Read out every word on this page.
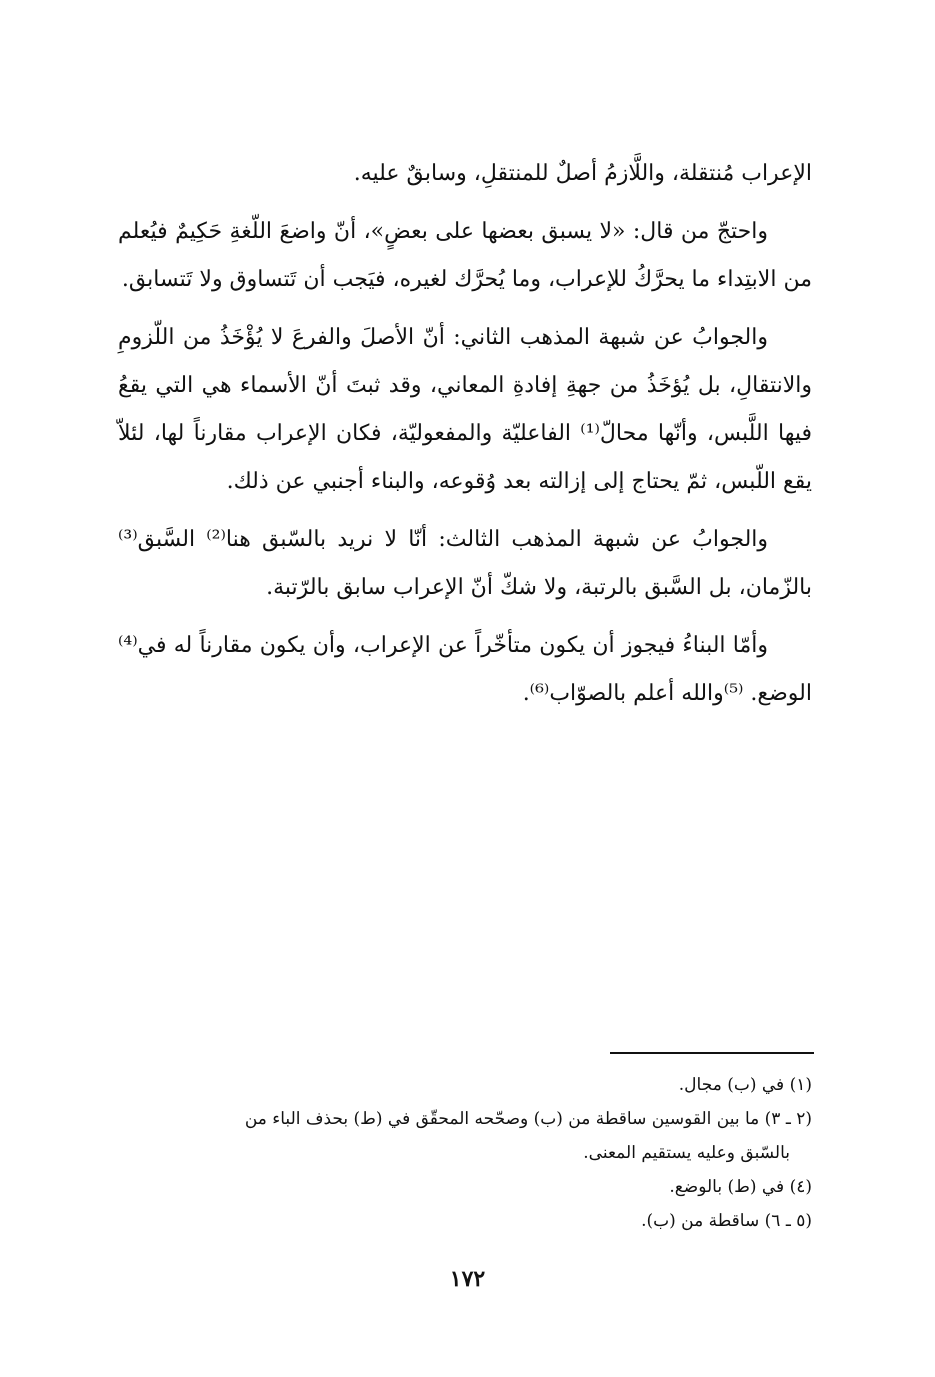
الإعراب مُنتقلة، واللَّازمُ أصلٌ للمنتقلِ، وسابقٌ عليه.

واحتجّ من قال: «لا يسبق بعضها على بعضٍ»، أنّ واضعَ اللّغةِ حَكِيمٌ فيُعلم من الابتِداء ما يحرَّكُ للإعراب، وما يُحرَّك لغيره، فيَجب أن تَتساوق ولا تَتسابق.

والجوابُ عن شبهة المذهب الثاني: أنّ الأصلَ والفرعَ لا يُؤْخَذُ من اللّزومِ والانتقالِ، بل يُؤخَذُ من جهةِ إفادةِ المعاني، وقد ثبتَ أنّ الأسماء هي التي يقعُ فيها اللَّبس، وأنّها محالّ⁽¹⁾ الفاعليّة والمفعوليّة، فكان الإعراب مقارناً لها، لئلاّ يقع اللّبس، ثمّ يحتاج إلى إزالته بعد وُقوعه، والبناء أجنبي عن ذلك.

والجوابُ عن شبهة المذهب الثالث: أنّا لا نريد بالسّبق هنا⁽²⁾ السَّبق⁽³⁾ بالزّمان، بل السَّبق بالرتبة، ولا شكّ أنّ الإعراب سابق بالرّتبة.

وأمّا البناءُ فيجوز أن يكون متأخّراً عن الإعراب، وأن يكون مقارناً له في⁽⁴⁾ الوضع. ⁽⁵⁾والله أعلم بالصوّاب⁽⁶⁾.

(١) في (ب) مجال.

(٢ ـ ٣) ما بين القوسين ساقطة من (ب) وصحّحه المحقّق في (ط) بحذف الباء من
بالسّبق وعليه يستقيم المعنى.

(٤) في (ط) بالوضع.

(٥ ـ ٦) ساقطة من (ب).

١٧٢
